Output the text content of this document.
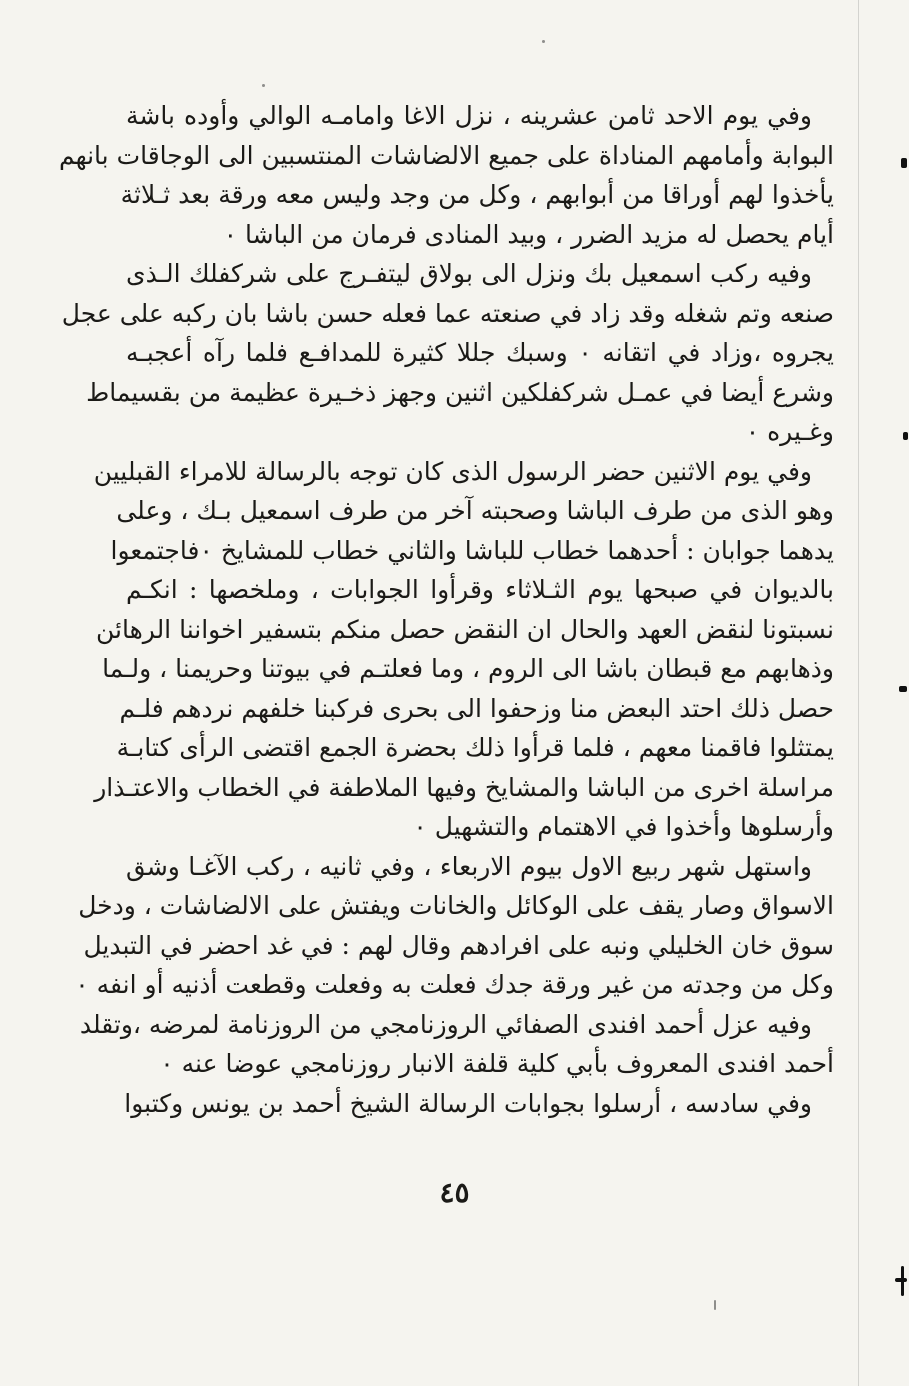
وفي يوم الاحد ثامن عشرينه ، نزل الاغا وامامـه الوالي وأوده باشة
البوابة وأمامهم المناداة على جميع الالضاشات المنتسبين الى الوجاقات بانهم
يأخذوا لهم أوراقا من أبوابهم ، وكل من وجد وليس معه ورقة بعد ثـلاثة
أيام يحصل له مزيد الضرر ، وبيد المنادى فرمان من الباشا ٠
وفيه ركب اسمعيل بك ونزل الى بولاق ليتفـرج على شركفلك الـذى
صنعه وتم شغله وقد زاد في صنعته عما فعله حسن باشا بان ركبه على عجل
يجروه ،وزاد في اتقانه ٠ وسبك جللا كثيرة للمدافـع فلما رآه أعجبـه
وشرع أيضا في عمـل شركفلكين اثنين وجهز ذخـيرة عظيمة من بقسيماط
وغـيره ٠
وفي يوم الاثنين حضر الرسول الذى كان توجه بالرسالة للامراء القبليين
وهو الذى من طرف الباشا وصحبته آخر من طرف اسمعيل بـك ، وعلى
يدهما جوابان : أحدهما خطاب للباشا والثاني خطاب للمشايخ ٠فاجتمعوا
بالديوان في صبحها يوم الثـلاثاء وقرأوا الجوابات ، وملخصها : انكـم
نسبتونا لنقض العهد والحال ان النقض حصل منكم بتسفير اخواننا الرهائن
وذهابهم مع قبطان باشا الى الروم ، وما فعلتـم في بيوتنا وحريمنا ، ولـما
حصل ذلك احتد البعض منا وزحفوا الى بحرى فركبنا خلفهم نردهم فلـم
يمتثلوا فاقمنا معهم ، فلما قرأوا ذلك بحضرة الجمع اقتضى الرأى كتابـة
مراسلة اخرى من الباشا والمشايخ وفيها الملاطفة في الخطاب والاعتـذار
وأرسلوها وأخذوا في الاهتمام والتشهيل ٠
واستهل شهر ربيع الاول بيوم الاربعاء ، وفي ثانيه ، ركب الآغـا وشق
الاسواق وصار يقف على الوكائل والخانات ويفتش على الالضاشات ، ودخل
سوق خان الخليلي ونبه على افرادهم وقال لهم : في غد احضر في التبديل
وكل من وجدته من غير ورقة جدك فعلت به وفعلت وقطعت أذنيه أو انفه ٠
وفيه عزل أحمد افندى الصفائي الروزنامجي من الروزنامة لمرضه ،وتقلد
أحمد افندى المعروف بأبي كلية قلفة الانبار روزنامجي عوضا عنه ٠
وفي سادسه ، أرسلوا بجوابات الرسالة الشيخ أحمد بن يونس وكتبوا
٤٥
